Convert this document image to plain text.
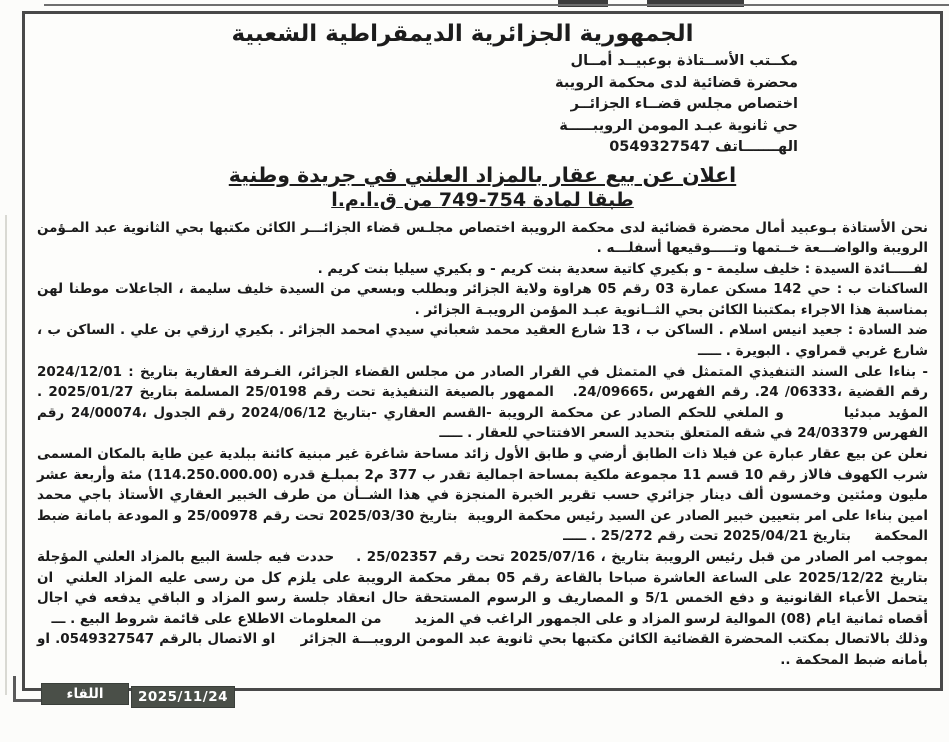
الجمهورية الجزائرية الديمقراطية الشعبية
مكــتب الأســتاذة بوعبيــد أمــال
محضرة قضائية لدى محكمة الرويبة
اختصاص مجلس قضــاء الجزائــر
حي ثانوية عبـد المومن الرويبـــــة
الهـــــــاتف 0549327547
اعلان عن بيع عقار بالمزاد العلني في جريدة وطنية
طبقا لمادة 754-749 من ق.ا.م.ا

نحن الأستاذة بـوعبيد أمال محضرة قضائية لدى محكمة الرويبة اختصاص مجلـس قضاء الجزائـــر الكائن مكتبها بحي الثانوية عبد المـؤمن الرويبة والواضـــعة خــتمها وتـــــوقيعها أسفلـــه .

لفـــــائدة السيدة : خليف سليمة - و بكيري كاتية سعدية بنت كريم - و بكيري سيليا بنت كريم .

الساكنات ب : حي 142 مسكن عمارة 03 رقم 05 هراوة ولاية الجزائر وبطلب وبسعي من السيدة خليف سليمة ، الجاعلات موطنا لهن بمناسبة هذا الاجراء بمكتبنا الكائن بحي الثــانوية عبـد المؤمن الرويبـة الجزائر .

ضد السادة : جعيد انيس اسلام . الساكن ب ، 13 شارع العقيد محمد شعباني سيدي امحمد الجزائر . بكيري ارزقي بن علي . الساكن ب ، شارع غربي قمراوي . البويرة . ـــــ

- بناءا على السند التنفيذي المتمثل في المتمثل في القرار الصادر من مجلس القضاء الجزائر، الغـرفة العقارية بتاريخ : 2024/12/01 رقم القضية ،06333/ 24. رقم الفهرس ،24/09665.   الممهور بالصيغة التنفيذية تحت رقم 25/0198 المسلمة بتاريخ 2025/01/27 . المؤيد مبدئيا         و الملغي للحكم الصادر عن محكمة الرويبة -القسم العقاري -بتاريخ 2024/06/12 رقم الجدول ،24/00074 رقم الفهرس 24/03379 في شقه المتعلق بتحديد السعر الافتتاحي للعقار . ـــــ

نعلن عن بيع عقار عبارة عن فيلا ذات الطابق أرضي و طابق الأول زائد مساحة شاغرة غير مبنية كائنة ببلدية عين طاية بالمكان المسمى شرب الكهوف فالاز رقم 10 قسم 11 مجموعة ملكية بمساحة اجمالية تقدر ب 377 م2 بمبلـغ قدره (114.250.000.00) مئة وأربعة عشر مليون ومئتين وخمسون ألف دينار جزائري حسب تقرير الخبرة المنجزة في هذا الشــأن من طرف الخبير العقاري الأستاذ باجي محمد امين بناءا على امر بتعيين خبير الصادر عن السيد رئيس محكمة الرويبة  بتاريخ 2025/03/30 تحت رقم 25/00978 و المودعة بامانة ضبط المحكمة     بتاريخ 2025/04/21 تحت رقم 25/272 . ـــــ

بموجب امر الصادر من قبل رئيس الرويبة بتاريخ ، 2025/07/16 تحت رقم 25/02357 .    حددت فيه جلسة البيع بالمزاد العلني المؤجلة بتاريخ 2025/12/22 على الساعة العاشرة صباحا بالقاعة رقم 05 بمقر محكمة الرويبة على يلزم كل من رسى عليه المزاد العلني  ان يتحمل الأعباء القانونية و دفع الخمس 5/1 و المصاريف و الرسوم المستحقة حال انعقاد جلسة رسو المزاد و الباقي يدفعه في اجال أقصاه ثمانية ايام (08) الموالية لرسو المزاد و على الجمهور الراغب في المزيد       من المعلومات الاطلاع على قائمة شروط البيع . ـــ

وذلك بالاتصال بمكتب المحضرة القضائية الكائن مكتبها بحي ثانوية عبد المومن الرويبـــة الجزائر     او الاتصال بالرقم 0549327547. او بأمانه ضبط المحكمة ..

اللقاء	2025/11/24
